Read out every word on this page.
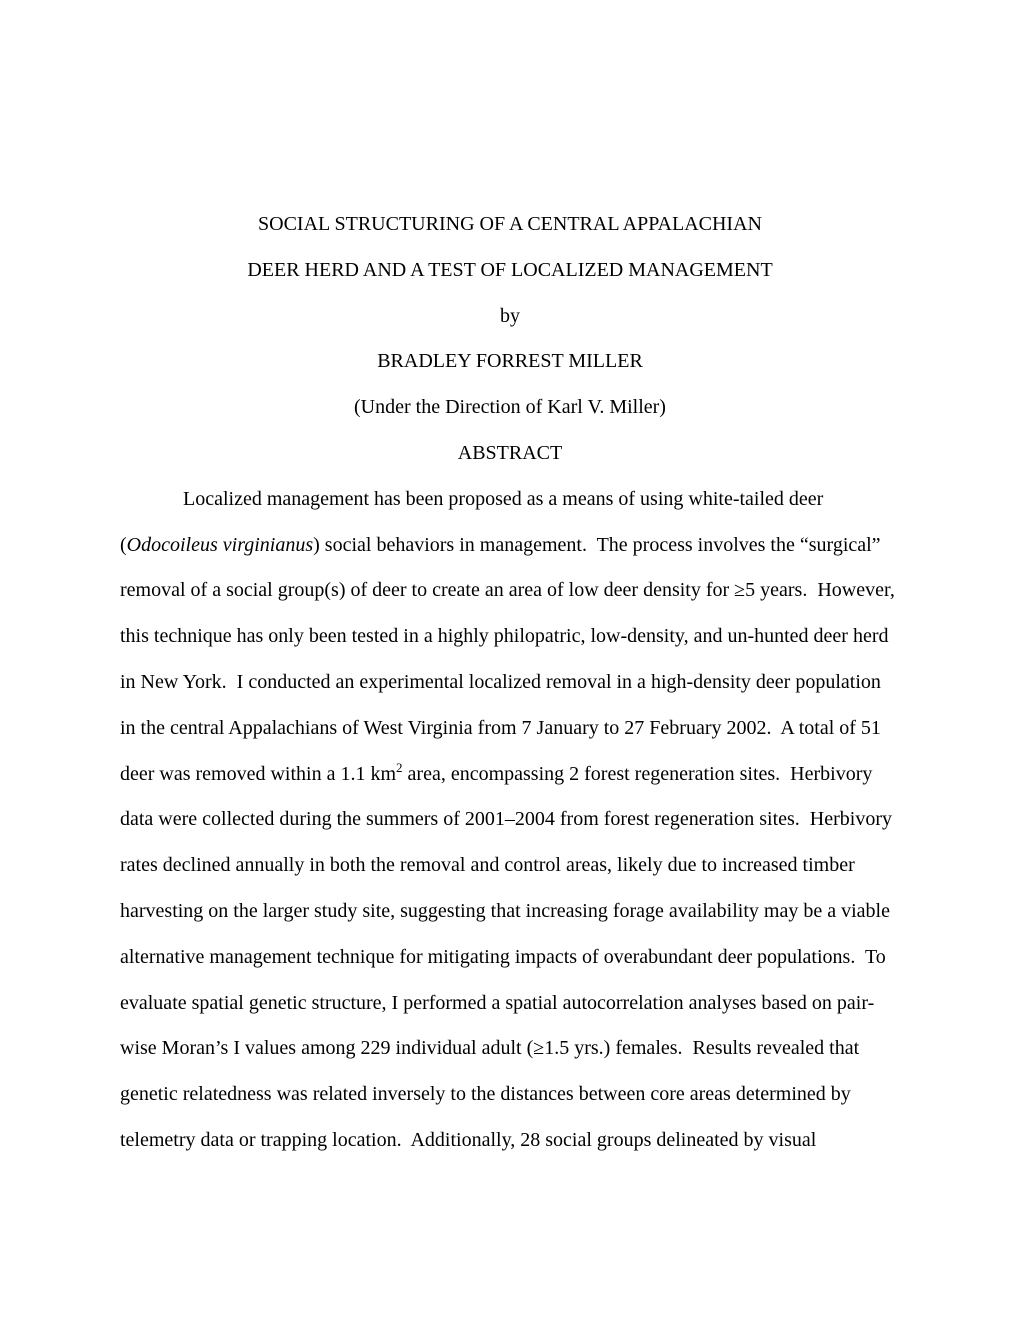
SOCIAL STRUCTURING OF A CENTRAL APPALACHIAN
DEER HERD AND A TEST OF LOCALIZED MANAGEMENT
by
BRADLEY FORREST MILLER
(Under the Direction of Karl V. Miller)
ABSTRACT
Localized management has been proposed as a means of using white-tailed deer
(Odocoileus virginianus) social behaviors in management.  The process involves the “surgical”
removal of a social group(s) of deer to create an area of low deer density for ≥5 years.  However,
this technique has only been tested in a highly philopatric, low-density, and un-hunted deer herd
in New York.  I conducted an experimental localized removal in a high-density deer population
in the central Appalachians of West Virginia from 7 January to 27 February 2002.  A total of 51
deer was removed within a 1.1 $km^2$ area, encompassing 2 forest regeneration sites.  Herbivory
data were collected during the summers of 2001–2004 from forest regeneration sites.  Herbivory
rates declined annually in both the removal and control areas, likely due to increased timber
harvesting on the larger study site, suggesting that increasing forage availability may be a viable
alternative management technique for mitigating impacts of overabundant deer populations.  To
evaluate spatial genetic structure, I performed a spatial autocorrelation analyses based on pair-
wise Moran’s I values among 229 individual adult (≥1.5 yrs.) females.  Results revealed that
genetic relatedness was related inversely to the distances between core areas determined by
telemetry data or trapping location.  Additionally, 28 social groups delineated by visual
